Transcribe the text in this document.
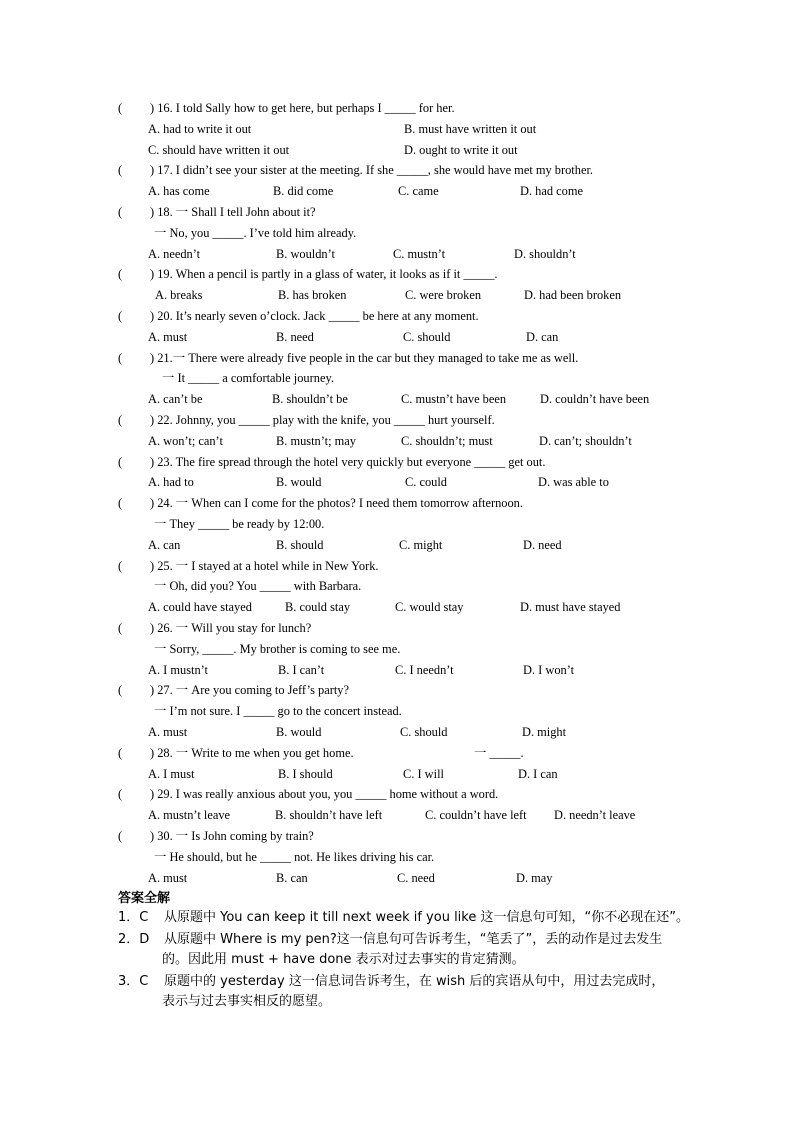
( ) 16. I told Sally how to get here, but perhaps I _____ for her.
A. had to write it out	B. must have written it out
C. should have written it out	D. ought to write it out
( ) 17. I didn’t see your sister at the meeting. If she _____, she would have met my brother.
A. has come	B. did come	C. came	D. had come
( ) 18. 一 Shall I tell John about it?
一 No, you _____. I’ve told him already.
A. needn’t	B. wouldn’t	C. mustn’t	D. shouldn’t
( ) 19. When a pencil is partly in a glass of water, it looks as if it _____.
A. breaks	B. has broken	C. were broken	D. had been broken
( ) 20. It’s nearly seven o’clock. Jack _____ be here at any moment.
A. must	B. need	C. should	D. can
( ) 21.一 There were already five people in the car but they managed to take me as well.
一 It _____ a comfortable journey.
A. can’t be	B. shouldn’t be	C. mustn’t have been	D. couldn’t have been
( ) 22. Johnny, you _____ play with the knife, you _____ hurt yourself.
A. won’t; can’t	B. mustn’t; may	C. shouldn’t; must	D. can’t; shouldn’t
( ) 23. The fire spread through the hotel very quickly but everyone _____ get out.
A. had to	B. would	C. could	D. was able to
( ) 24. 一 When can I come for the photos? I need them tomorrow afternoon.
一 They _____ be ready by 12:00.
A. can	B. should	C. might	D. need
( ) 25. 一 I stayed at a hotel while in New York.
一 Oh, did you? You _____ with Barbara.
A. could have stayed	B. could stay	C. would stay	D. must have stayed
( ) 26. 一 Will you stay for lunch?
一 Sorry, _____. My brother is coming to see me.
A. I mustn’t	B. I can’t	C. I needn’t	D. I won’t
( ) 27. 一 Are you coming to Jeff’s party?
一 I’m not sure. I _____ go to the concert instead.
A. must	B. would	C. should	D. might
( ) 28. 一 Write to me when you get home.	一 _____.
A. I must	B. I should	C. I will	D. I can
( ) 29. I was really anxious about you, you _____ home without a word.
A. mustn’t leave	B. shouldn’t have left	C. couldn’t have left D. needn’t leave
( ) 30. 一 Is John coming by train?
一 He should, but he _____ not. He likes driving his car.
A. must	B. can	C. need	D. may
答案全解
1．C 从原题中 You can keep it till next week if you like 这一信息句可知，“你不必现在还”。
2．D 从原题中 Where is my pen?这一信息句可告诉考生，“笔丢了”，丢的动作是过去发生
的。因此用 must + have done 表示对过去事实的肯定猜测。
3．C 原题中的 yesterday 这一信息词告诉考生，在 wish 后的宾语从句中，用过去完成时，
表示与过去事实相反的愿望。
